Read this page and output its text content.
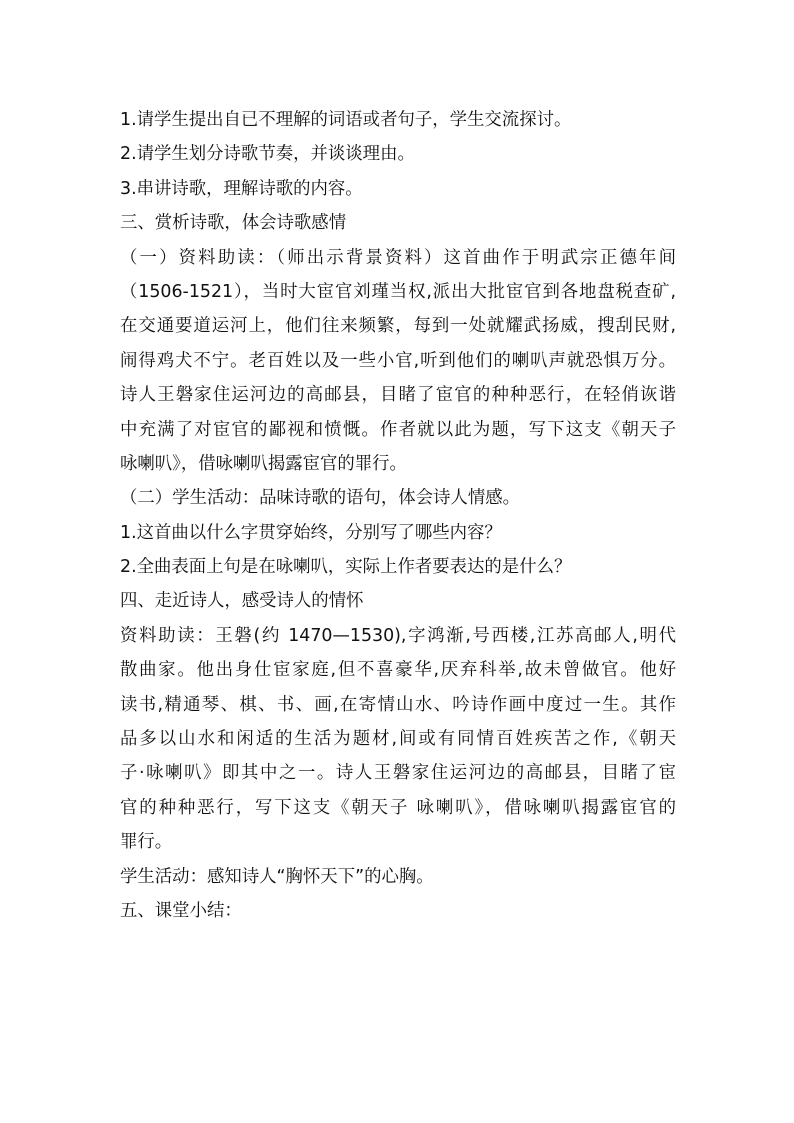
1.请学生提出自已不理解的词语或者句子，学生交流探讨。
2.请学生划分诗歌节奏，并谈谈理由。
3.串讲诗歌，理解诗歌的内容。
三、赏析诗歌，体会诗歌感情
（一）资料助读：（师出示背景资料）这首曲作于明武宗正德年间
（1506-1521），当时大宦官刘瑾当权,派出大批宦官到各地盘税查矿,
在交通要道运河上，他们往来频繁，每到一处就耀武扬威，搜刮民财,
闹得鸡犬不宁。老百姓以及一些小官,听到他们的喇叭声就恐惧万分。
诗人王磐家住运河边的高邮县，目睹了宦官的种种恶行，在轻俏诙谐
中充满了对宦官的鄙视和愤慨。作者就以此为题，写下这支《朝天子
咏喇叭》，借咏喇叭揭露宦官的罪行。
（二）学生活动：品味诗歌的语句，体会诗人情感。
1.这首曲以什么字贯穿始终，分别写了哪些内容？
2.全曲表面上句是在咏喇叭，实际上作者要表达的是什么？
四、走近诗人，感受诗人的情怀
资料助读：王磐(约 1470—1530),字鸿渐,号西楼,江苏高邮人,明代
散曲家。他出身仕宦家庭,但不喜豪华,厌弃科举,故未曾做官。他好
读书,精通琴、棋、书、画,在寄情山水、吟诗作画中度过一生。其作
品多以山水和闲适的生活为题材,间或有同情百姓疾苦之作,《朝天
子·咏喇叭》即其中之一。诗人王磐家住运河边的高邮县，目睹了宦
官的种种恶行，写下这支《朝天子 咏喇叭》，借咏喇叭揭露宦官的
罪行。
学生活动：感知诗人“胸怀天下”的心胸。
五、课堂小结：
